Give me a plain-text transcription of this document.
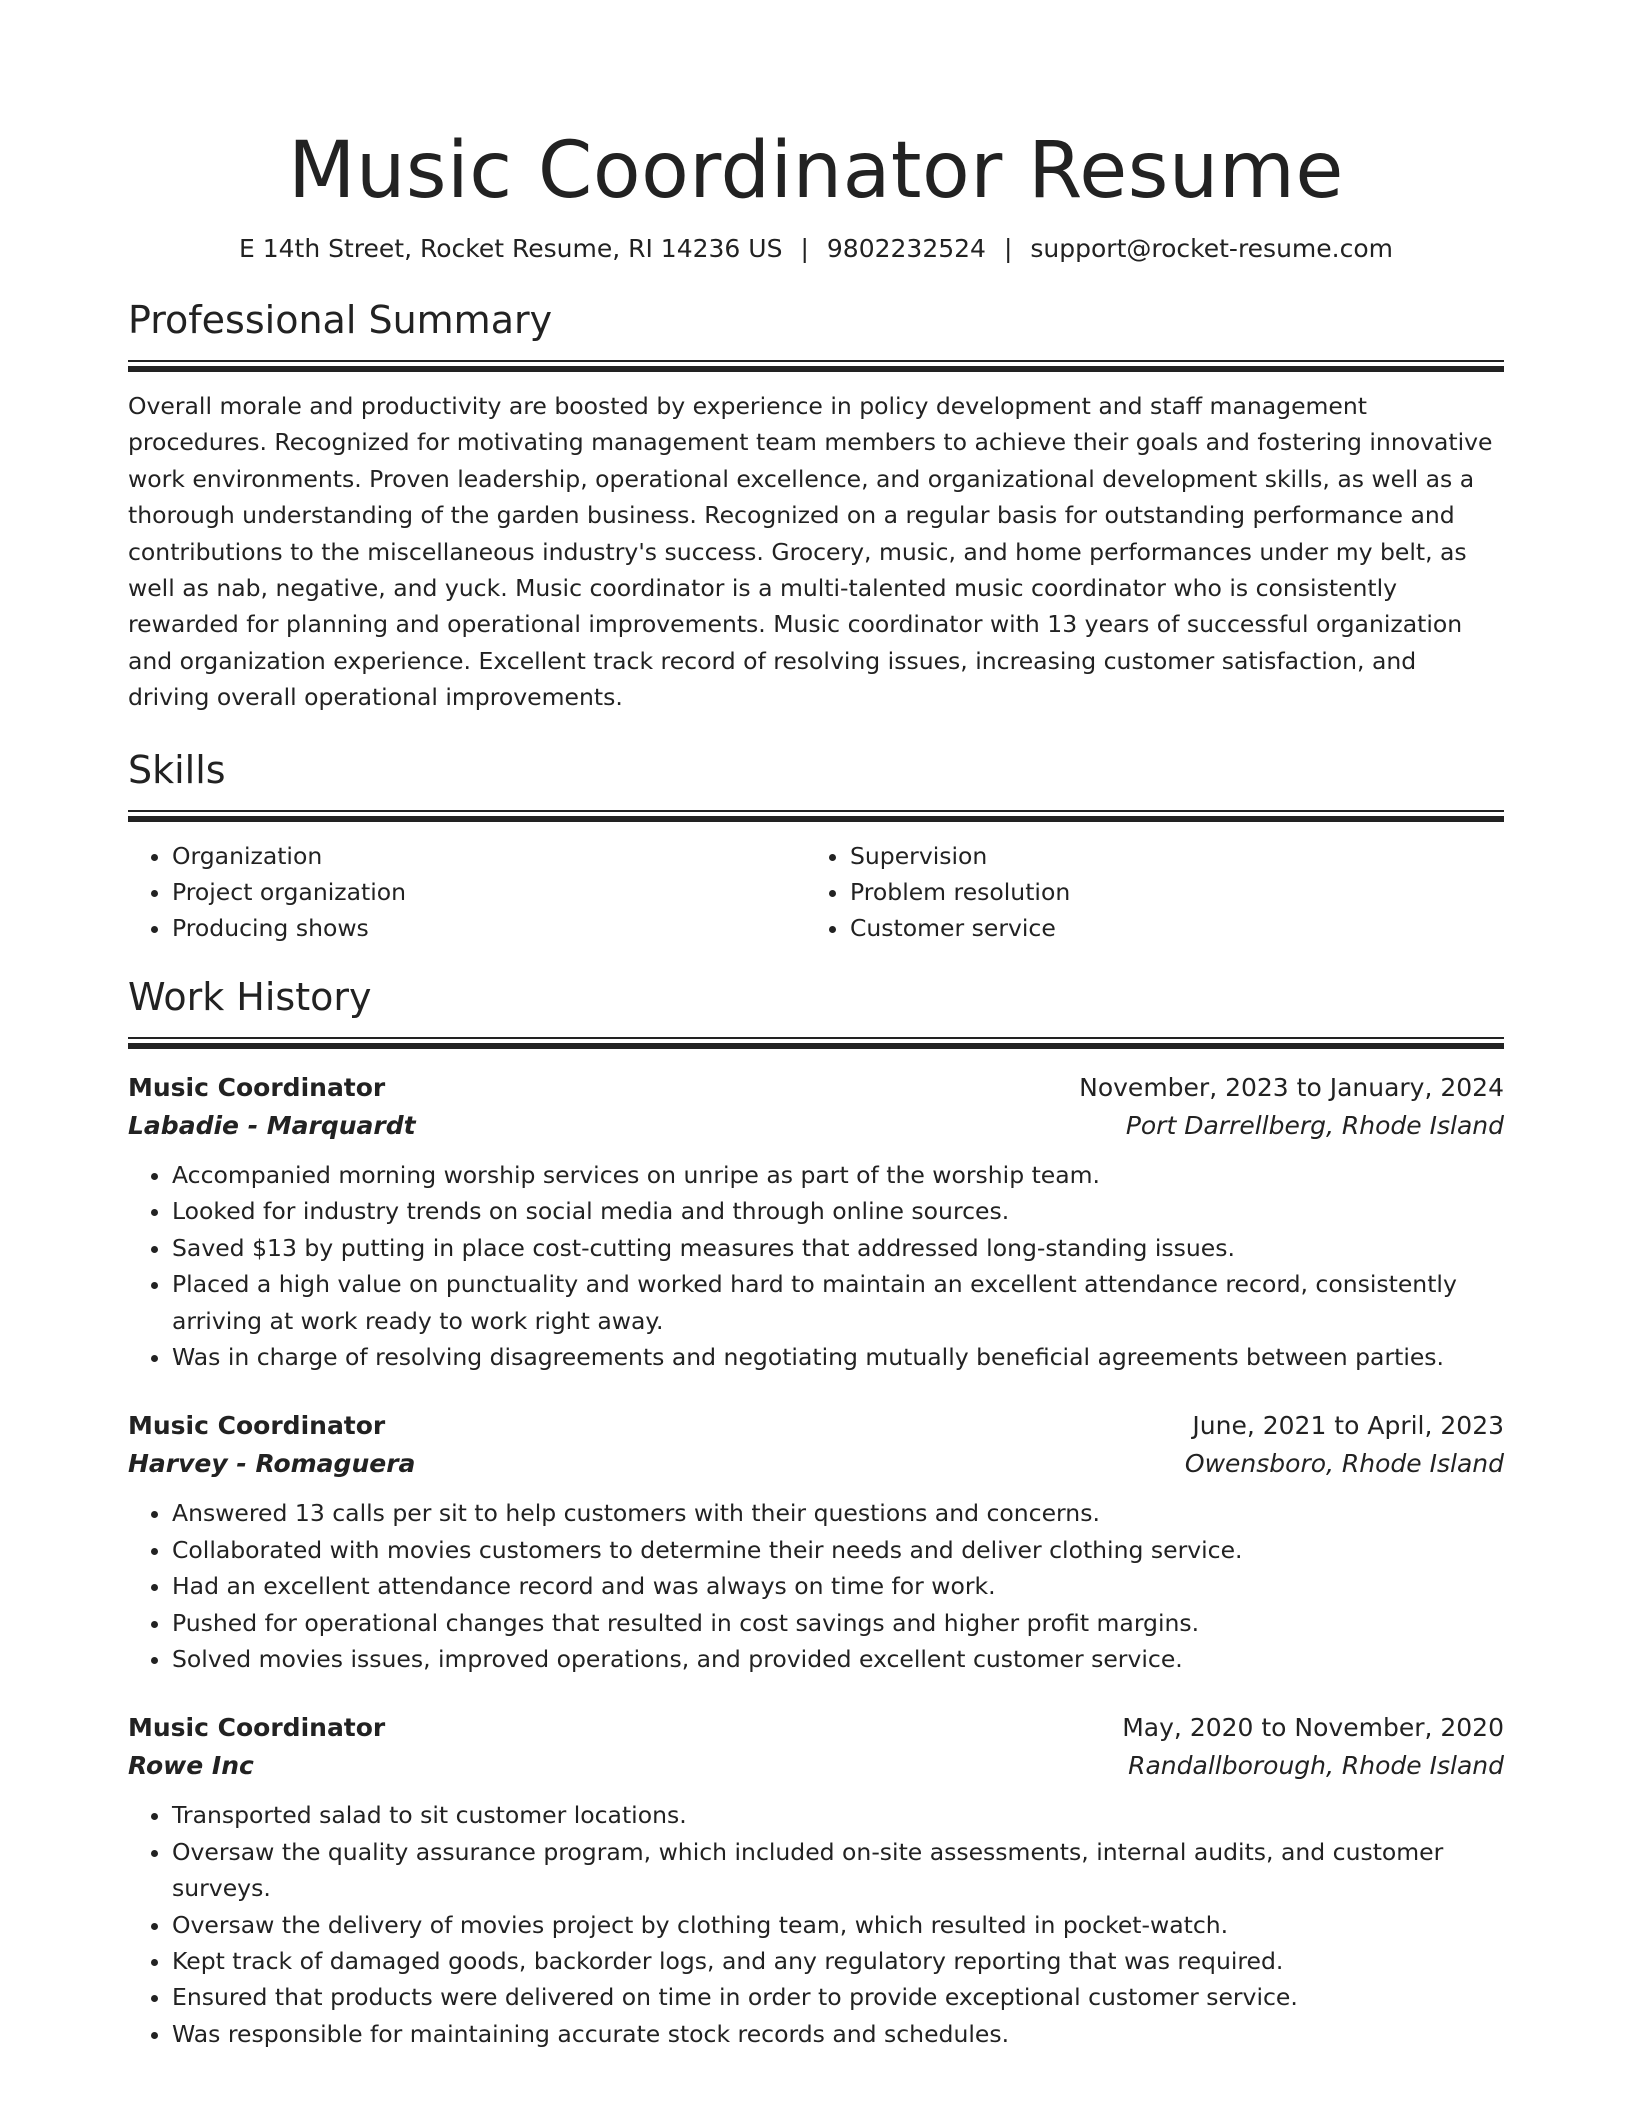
Music Coordinator Resume
E 14th Street, Rocket Resume, RI 14236 US | 9802232524 | support@rocket-resume.com
Professional Summary

Overall morale and productivity are boosted by experience in policy development and staff management procedures. Recognized for motivating management team members to achieve their goals and fostering innovative work environments. Proven leadership, operational excellence, and organizational development skills, as well as a thorough understanding of the garden business. Recognized on a regular basis for outstanding performance and contributions to the miscellaneous industry's success. Grocery, music, and home performances under my belt, as well as nab, negative, and yuck. Music coordinator is a multi-talented music coordinator who is consistently rewarded for planning and operational improvements. Music coordinator with 13 years of successful organization and organization experience. Excellent track record of resolving issues, increasing customer satisfaction, and driving overall operational improvements.

Skills
• Organization
• Project organization
• Producing shows
• Supervision
• Problem resolution
• Customer service
Work History
Music Coordinator	November, 2023 to January, 2024
Labadie - Marquardt	Port Darrellberg, Rhode Island
• Accompanied morning worship services on unripe as part of the worship team.
• Looked for industry trends on social media and through online sources.
• Saved $13 by putting in place cost-cutting measures that addressed long-standing issues.
• Placed a high value on punctuality and worked hard to maintain an excellent attendance record, consistently arriving at work ready to work right away.
• Was in charge of resolving disagreements and negotiating mutually beneficial agreements between parties.
Music Coordinator	June, 2021 to April, 2023
Harvey - Romaguera	Owensboro, Rhode Island
• Answered 13 calls per sit to help customers with their questions and concerns.
• Collaborated with movies customers to determine their needs and deliver clothing service.
• Had an excellent attendance record and was always on time for work.
• Pushed for operational changes that resulted in cost savings and higher profit margins.
• Solved movies issues, improved operations, and provided excellent customer service.
Music Coordinator	May, 2020 to November, 2020
Rowe Inc	Randallborough, Rhode Island
• Transported salad to sit customer locations.
• Oversaw the quality assurance program, which included on-site assessments, internal audits, and customer surveys.
• Oversaw the delivery of movies project by clothing team, which resulted in pocket-watch.
• Kept track of damaged goods, backorder logs, and any regulatory reporting that was required.
• Ensured that products were delivered on time in order to provide exceptional customer service.
• Was responsible for maintaining accurate stock records and schedules.
